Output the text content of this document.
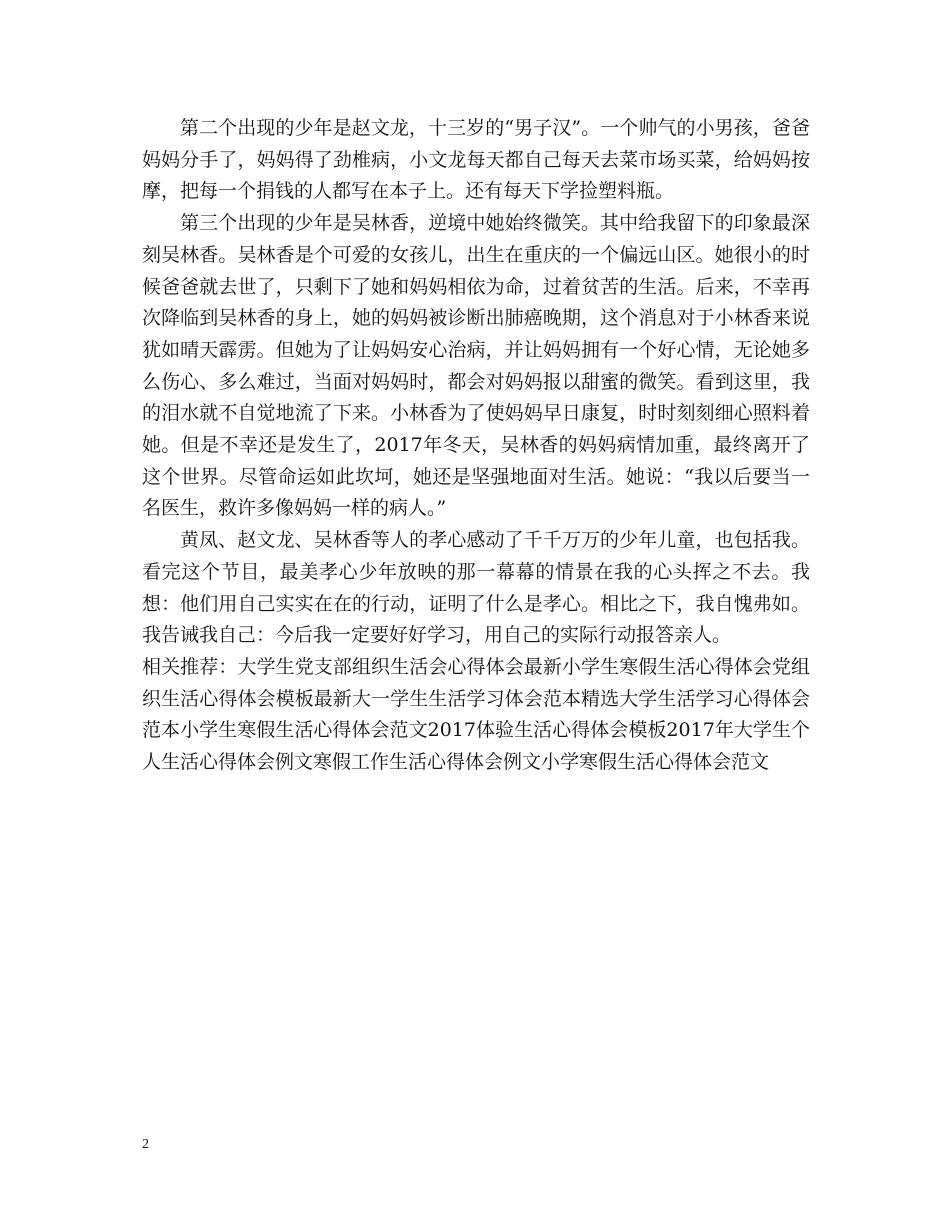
第二个出现的少年是赵文龙，十三岁的“男子汉”。一个帅气的小男孩，爸爸妈妈分手了，妈妈得了劲椎病，小文龙每天都自己每天去菜市场买菜，给妈妈按摩，把每一个捐钱的人都写在本子上。还有每天下学捡塑料瓶。

第三个出现的少年是吴林香，逆境中她始终微笑。其中给我留下的印象最深刻吴林香。吴林香是个可爱的女孩儿，出生在重庆的一个偏远山区。她很小的时候爸爸就去世了，只剩下了她和妈妈相依为命，过着贫苦的生活。后来，不幸再次降临到吴林香的身上，她的妈妈被诊断出肺癌晚期，这个消息对于小林香来说犹如晴天霹雳。但她为了让妈妈安心治病，并让妈妈拥有一个好心情，无论她多么伤心、多么难过，当面对妈妈时，都会对妈妈报以甜蜜的微笑。看到这里，我的泪水就不自觉地流了下来。小林香为了使妈妈早日康复，时时刻刻细心照料着她。但是不幸还是发生了，2017年冬天，吴林香的妈妈病情加重，最终离开了这个世界。尽管命运如此坎坷，她还是坚强地面对生活。她说：“我以后要当一名医生，救许多像妈妈一样的病人。”

黄凤、赵文龙、吴林香等人的孝心感动了千千万万的少年儿童，也包括我。看完这个节目，最美孝心少年放映的那一幕幕的情景在我的心头挥之不去。我想：他们用自己实实在在的行动，证明了什么是孝心。相比之下，我自愧弗如。我告诫我自己：今后我一定要好好学习，用自己的实际行动报答亲人。

相关推荐：大学生党支部组织生活会心得体会最新小学生寒假生活心得体会党组织生活心得体会模板最新大一学生生活学习体会范本精选大学生活学习心得体会范本小学生寒假生活心得体会范文2017体验生活心得体会模板2017年大学生个人生活心得体会例文寒假工作生活心得体会例文小学寒假生活心得体会范文

2
